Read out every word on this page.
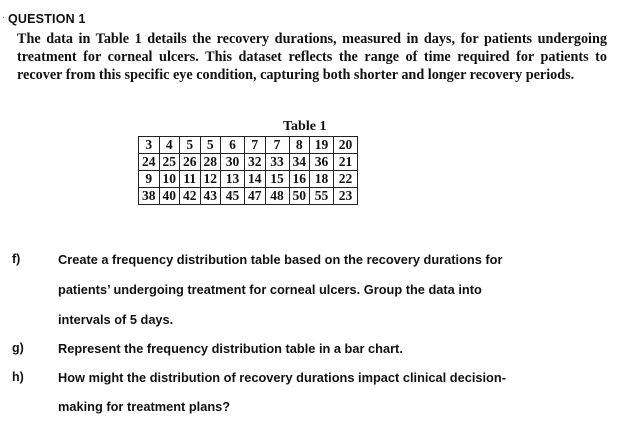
· QUESTION 1

The data in Table 1 details the recovery durations, measured in days, for patients undergoing treatment for corneal ulcers. This dataset reflects the range of time required for patients to recover from this specific eye condition, capturing both shorter and longer recovery periods.

Table 1
3	4	5	5	6	7	7	8	19	20
24	25	26	28	30	32	33	34	36	21
9	10	11	12	13	14	15	16	18	22
38	40	42	43	45	47	48	50	55	23
f)	Create a frequency distribution table based on the recovery durations for
patients’ undergoing treatment for corneal ulcers. Group the data into
intervals of 5 days.
g)	Represent the frequency distribution table in a bar chart.
h)	How might the distribution of recovery durations impact clinical decision-
making for treatment plans?
